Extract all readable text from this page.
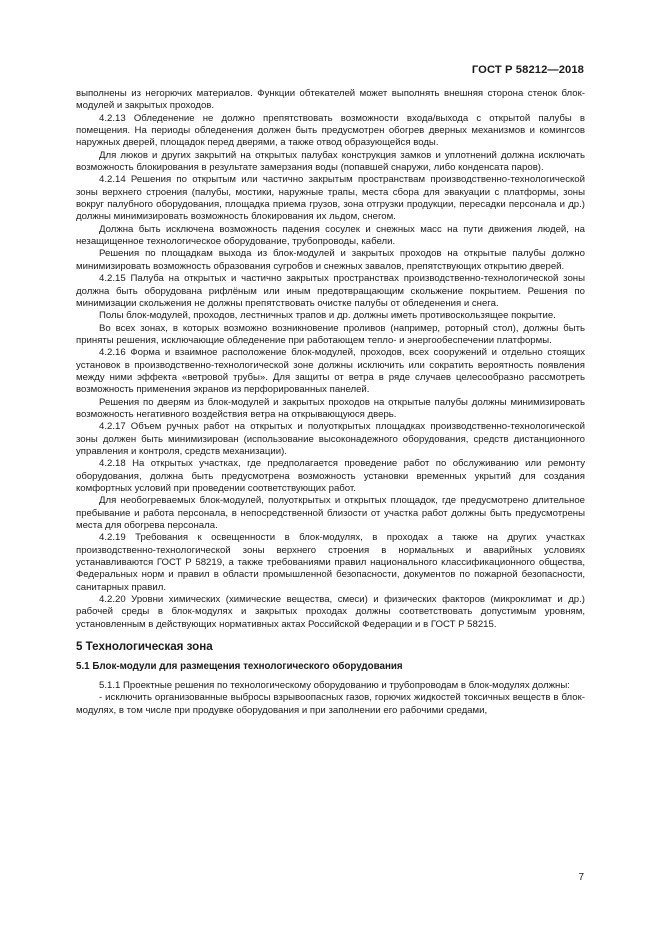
ГОСТ Р 58212—2018

выполнены из негорючих материалов. Функции обтекателей может выполнять внешняя сторона стенок блок-модулей и закрытых проходов.

4.2.13 Обледенение не должно препятствовать возможности входа/выхода с открытой палубы в помещения. На периоды обледенения должен быть предусмотрен обогрев дверных механизмов и комингсов наружных дверей, площадок перед дверями, а также отвод образующейся воды.

Для люков и других закрытий на открытых палубах конструкция замков и уплотнений должна исключать возможность блокирования в результате замерзания воды (попавшей снаружи, либо конденсата паров).

4.2.14 Решения по открытым или частично закрытым пространствам производственно-технологической зоны верхнего строения (палубы, мостики, наружные трапы, места сбора для эвакуации с платформы, зоны вокруг палубного оборудования, площадка приема грузов, зона отгрузки продукции, пересадки персонала и др.) должны минимизировать возможность блокирования их льдом, снегом.

Должна быть исключена возможность падения сосулек и снежных масс на пути движения людей, на незащищенное технологическое оборудование, трубопроводы, кабели.

Решения по площадкам выхода из блок-модулей и закрытых проходов на открытые палубы должно минимизировать возможность образования сугробов и снежных завалов, препятствующих открытию дверей.

4.2.15 Палуба на открытых и частично закрытых пространствах производственно-технологической зоны должна быть оборудована рифлёным или иным предотвращающим скольжение покрытием. Решения по минимизации скольжения не должны препятствовать очистке палубы от обледенения и снега.

Полы блок-модулей, проходов, лестничных трапов и др. должны иметь противоскользящее покрытие.

Во всех зонах, в которых возможно возникновение проливов (например, роторный стол), должны быть приняты решения, исключающие обледенение при работающем тепло- и энергообеспечении платформы.

4.2.16 Форма и взаимное расположение блок-модулей, проходов, всех сооружений и отдельно стоящих установок в производственно-технологической зоне должны исключить или сократить вероятность появления между ними эффекта «ветровой трубы». Для защиты от ветра в ряде случаев целесообразно рассмотреть возможность применения экранов из перфорированных панелей.

Решения по дверям из блок-модулей и закрытых проходов на открытые палубы должны минимизировать возможность негативного воздействия ветра на открывающуюся дверь.

4.2.17 Объем ручных работ на открытых и полуоткрытых площадках производственно-технологической зоны должен быть минимизирован (использование высоконадежного оборудования, средств дистанционного управления и контроля, средств механизации).

4.2.18 На открытых участках, где предполагается проведение работ по обслуживанию или ремонту оборудования, должна быть предусмотрена возможность установки временных укрытий для создания комфортных условий при проведении соответствующих работ.

Для необогреваемых блок-модулей, полуоткрытых и открытых площадок, где предусмотрено длительное пребывание и работа персонала, в непосредственной близости от участка работ должны быть предусмотрены места для обогрева персонала.

4.2.19 Требования к освещенности в блок-модулях, в проходах а также на других участках производственно-технологической зоны верхнего строения в нормальных и аварийных условиях устанавливаются ГОСТ Р 58219, а также требованиями правил национального классификационного общества, Федеральных норм и правил в области промышленной безопасности, документов по пожарной безопасности, санитарных правил.

4.2.20 Уровни химических (химические вещества, смеси) и физических факторов (микроклимат и др.) рабочей среды в блок-модулях и закрытых проходах должны соответствовать допустимым уровням, установленным в действующих нормативных актах Российской Федерации и в ГОСТ Р 58215.

5 Технологическая зона
5.1 Блок-модули для размещения технологического оборудования

5.1.1 Проектные решения по технологическому оборудованию и трубопроводам в блок-модулях должны:

- исключить организованные выбросы взрывоопасных газов, горючих жидкостей токсичных веществ в блок-модулях, в том числе при продувке оборудования и при заполнении его рабочими средами,

7
